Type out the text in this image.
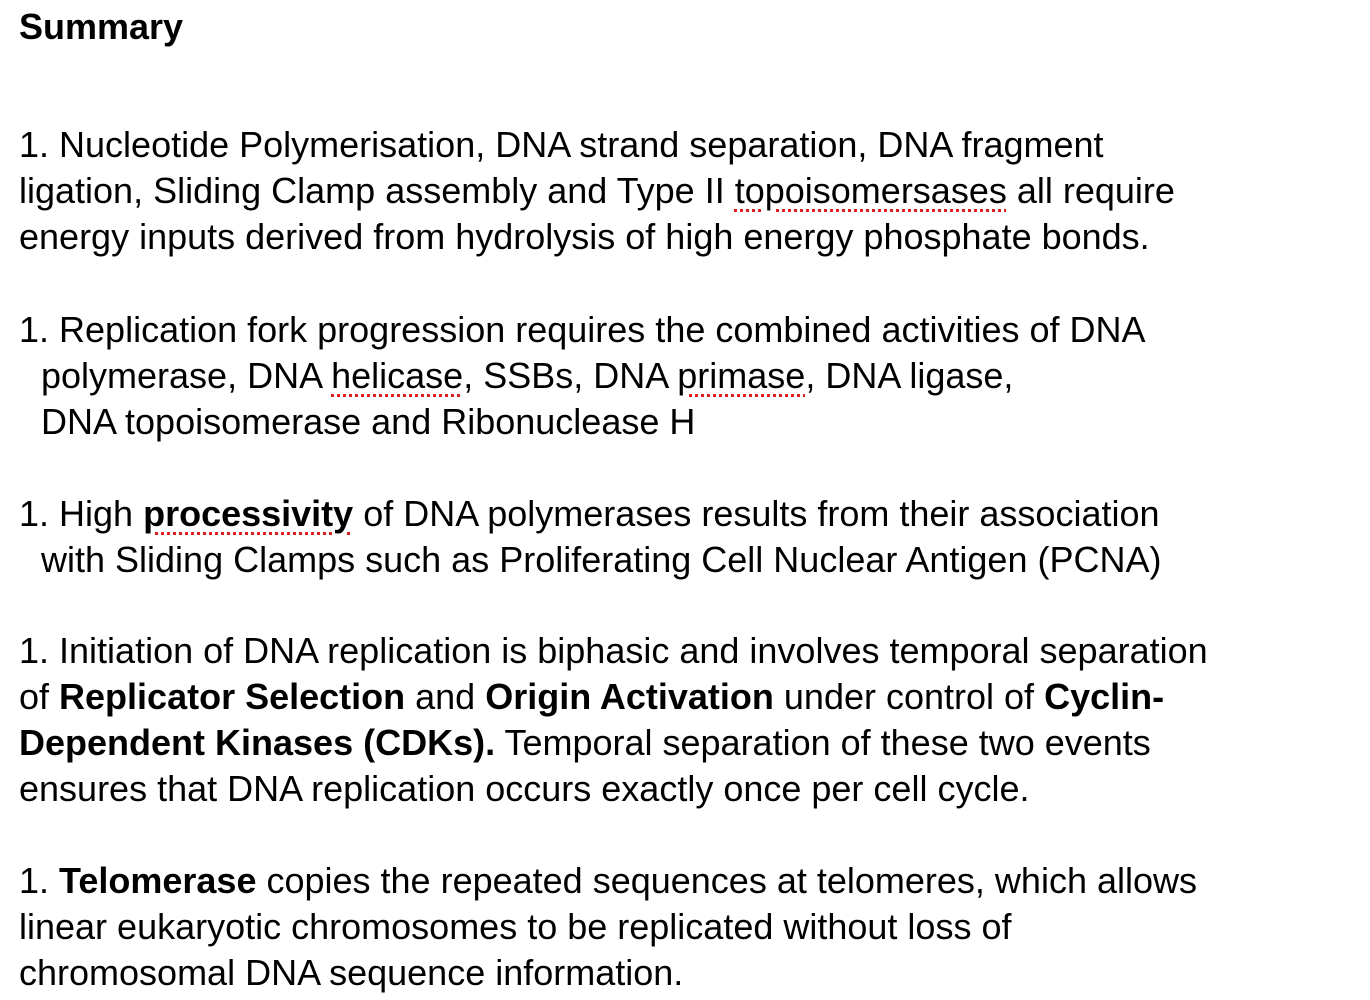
Summary
1. Nucleotide Polymerisation, DNA strand separation, DNA fragment
ligation, Sliding Clamp assembly and Type II topoisomersases all require
energy inputs derived from hydrolysis of high energy phosphate bonds.
1. Replication fork progression requires the combined activities of DNA
polymerase, DNA helicase, SSBs, DNA primase, DNA ligase,
DNA topoisomerase and Ribonuclease H
1. High processivity of DNA polymerases results from their association
with Sliding Clamps such as Proliferating Cell Nuclear Antigen (PCNA)
1. Initiation of DNA replication is biphasic and involves temporal separation
of Replicator Selection and Origin Activation under control of Cyclin-
Dependent Kinases (CDKs). Temporal separation of these two events
ensures that DNA replication occurs exactly once per cell cycle.
1. Telomerase copies the repeated sequences at telomeres, which allows
linear eukaryotic chromosomes to be replicated without loss of
chromosomal DNA sequence information.
